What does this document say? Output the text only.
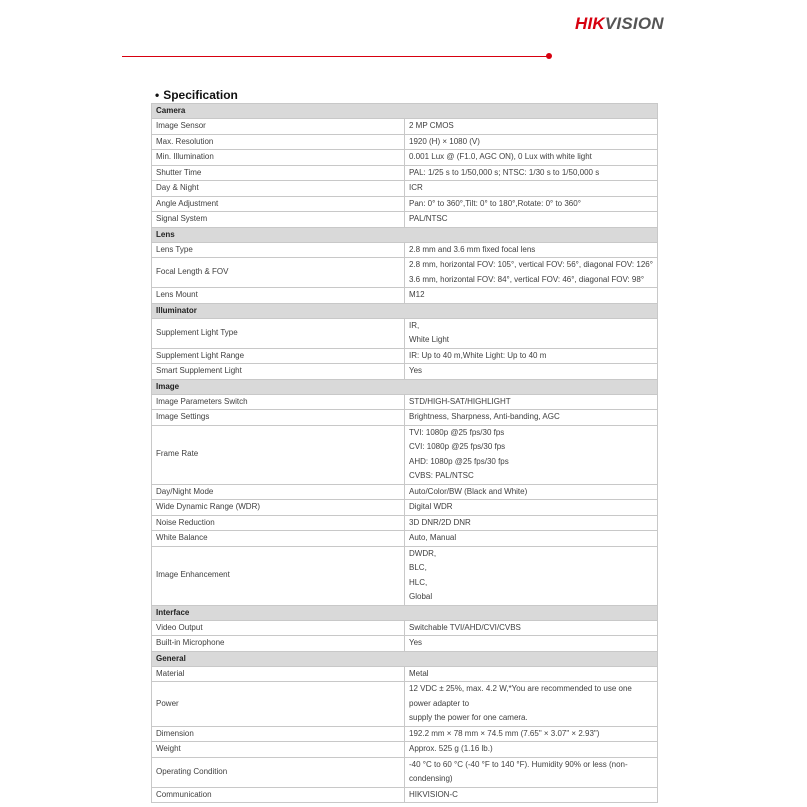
HIKVISION
• Specification
Camera	
Image Sensor	2 MP CMOS

Max. Resolution	1920 (H) × 1080 (V)

Min. Illumination	0.001 Lux @ (F1.0, AGC ON), 0 Lux with white light

Shutter Time	PAL: 1/25 s to 1/50,000 s; NTSC: 1/30 s to 1/50,000 s

Day & Night	ICR

Angle Adjustment	Pan: 0° to 360°,Tilt: 0° to 180°,Rotate: 0° to 360°

Signal System	PAL/NTSC

Lens	
Lens Type	2.8 mm and 3.6 mm fixed focal lens

Focal Length & FOV	2.8 mm, horizontal FOV: 105°, vertical FOV: 56°, diagonal FOV: 126°
3.6 mm, horizontal FOV: 84°, vertical FOV: 46°, diagonal FOV: 98°

Lens Mount	M12

Illuminator	
Supplement Light Type	IR,
White Light

Supplement Light Range	IR: Up to 40 m,White Light: Up to 40 m

Smart Supplement Light	Yes

Image	
Image Parameters Switch	STD/HIGH-SAT/HIGHLIGHT

Image Settings	Brightness, Sharpness, Anti-banding, AGC

Frame Rate	TVI: 1080p @25 fps/30 fps
CVI: 1080p @25 fps/30 fps
AHD: 1080p @25 fps/30 fps
CVBS: PAL/NTSC

Day/Night Mode	Auto/Color/BW (Black and White)

Wide Dynamic Range (WDR)	Digital WDR

Noise Reduction	3D DNR/2D DNR

White Balance	Auto, Manual

Image Enhancement	DWDR,
BLC,
HLC,
Global

Interface	
Video Output	Switchable TVI/AHD/CVI/CVBS

Built-in Microphone	Yes

General	
Material	Metal

Power	12 VDC ± 25%, max. 4.2 W,*You are recommended to use one power adapter to
supply the power for one camera.

Dimension	192.2 mm × 78 mm × 74.5 mm (7.65" × 3.07" × 2.93")

Weight	Approx. 525 g (1.16 lb.)

Operating Condition	-40 °C to 60 °C (-40 °F to 140 °F). Humidity 90% or less (non-condensing)

Communication	HIKVISION-C
